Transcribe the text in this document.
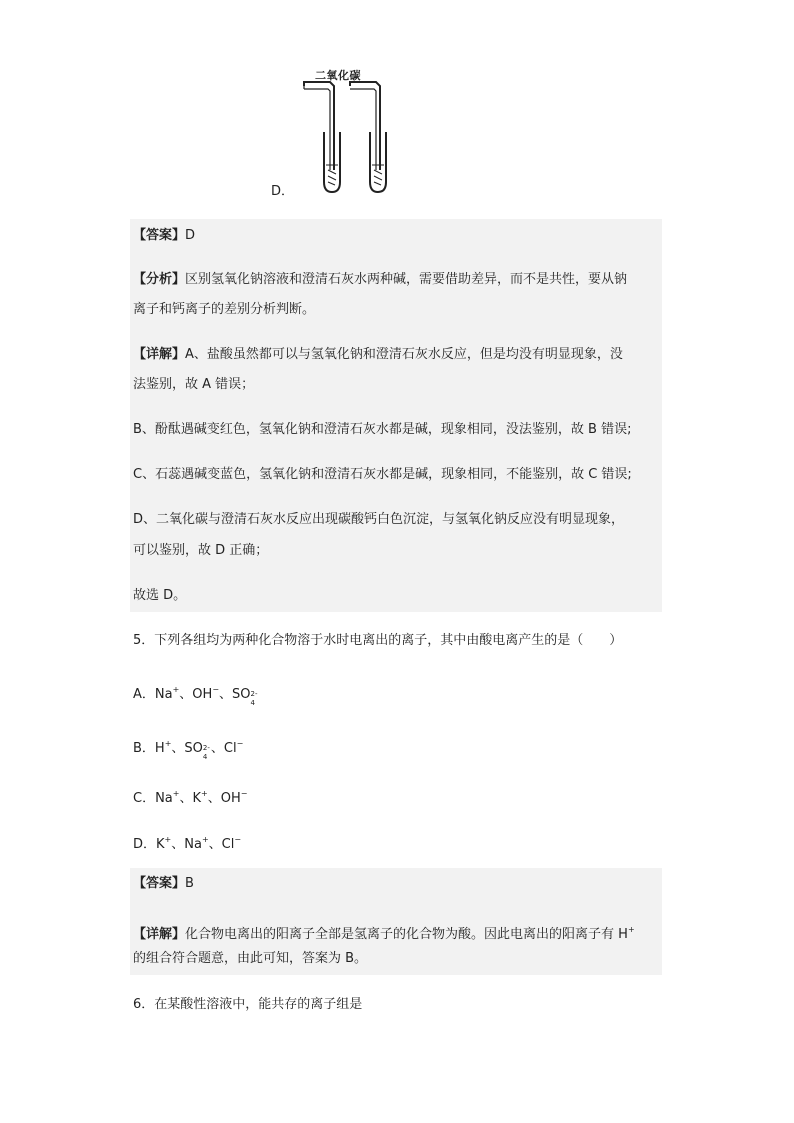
二氧化碳
D．
【答案】D
【分析】区别氢氧化钠溶液和澄清石灰水两种碱，需要借助差异，而不是共性，要从钠
离子和钙离子的差别分析判断。
【详解】A、盐酸虽然都可以与氢氧化钠和澄清石灰水反应，但是均没有明显现象，没
法鉴别，故 A 错误；
B、酚酞遇碱变红色，氢氧化钠和澄清石灰水都是碱，现象相同，没法鉴别，故 B 错误;
C、石蕊遇碱变蓝色，氢氧化钠和澄清石灰水都是碱，现象相同，不能鉴别，故 C 错误;
D、二氧化碳与澄清石灰水反应出现碳酸钙白色沉淀，与氢氧化钠反应没有明显现象，
可以鉴别，故 D 正确；
故选 D。
5．下列各组均为两种化合物溶于水时电离出的离子，其中由酸电离产生的是（　　）
A．Na+、OH−、SO 2-
4
B．H+、SO 2-
4
、Cl−
C．Na+、K+、OH−
D．K+、Na+、Cl−
【答案】B
【详解】化合物电离出的阳离子全部是氢离子的化合物为酸。因此电离出的阳离子有 H+
的组合符合题意，由此可知，答案为 B。
6．在某酸性溶液中，能共存的离子组是
